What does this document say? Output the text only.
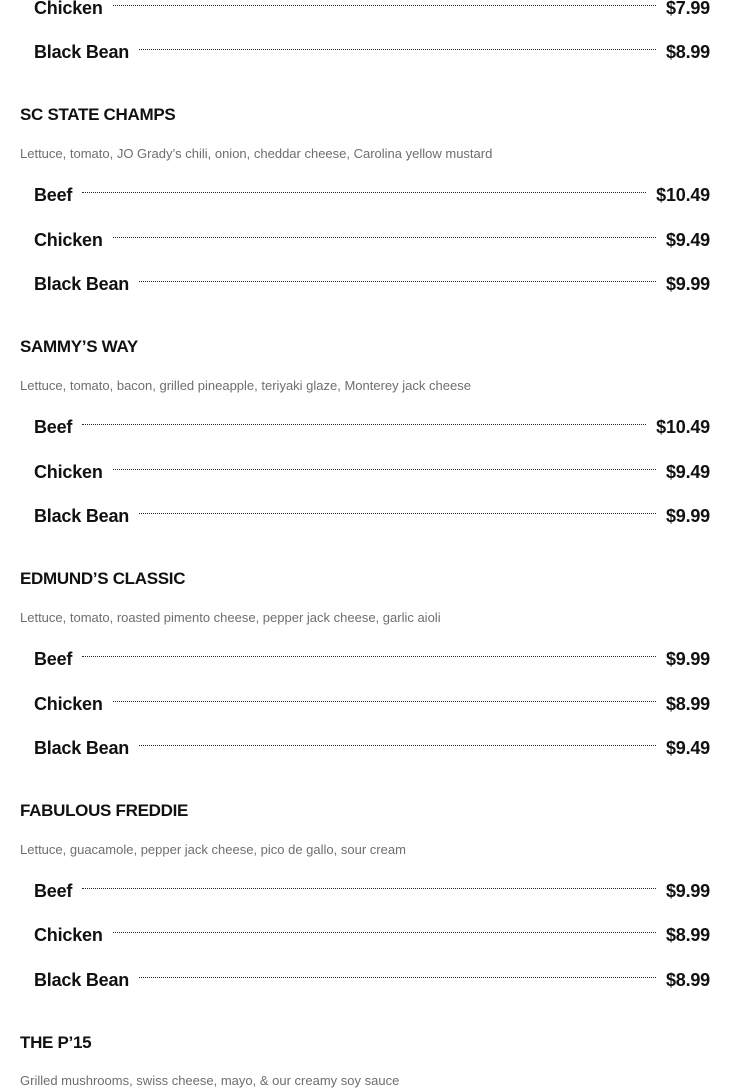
Chicken	$7.99
Black Bean	$8.99
SC STATE CHAMPS
Lettuce, tomato, JO Grady’s chili, onion, cheddar cheese, Carolina yellow mustard
Beef	$10.49
Chicken	$9.49
Black Bean	$9.99
SAMMY’S WAY
Lettuce, tomato, bacon, grilled pineapple, teriyaki glaze, Monterey jack cheese
Beef	$10.49
Chicken	$9.49
Black Bean	$9.99
EDMUND’S CLASSIC
Lettuce, tomato, roasted pimento cheese, pepper jack cheese, garlic aioli
Beef	$9.99
Chicken	$8.99
Black Bean	$9.49
FABULOUS FREDDIE
Lettuce, guacamole, pepper jack cheese, pico de gallo, sour cream
Beef	$9.99
Chicken	$8.99
Black Bean	$8.99
THE P’15
Grilled mushrooms, swiss cheese, mayo, & our creamy soy sauce
